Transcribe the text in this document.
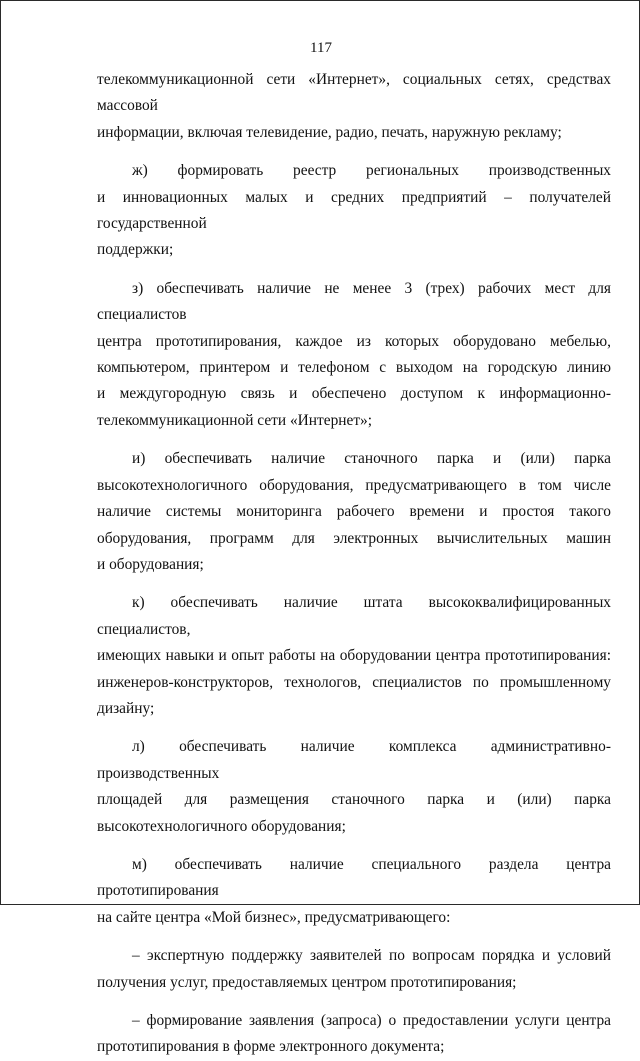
117

телекоммуникационной сети «Интернет», социальных сетях, средствах массовой
информации, включая телевидение, радио, печать, наружную рекламу;

ж) формировать реестр региональных производственных
и инновационных малых и средних предприятий – получателей государственной
поддержки;

з) обеспечивать наличие не менее 3 (трех) рабочих мест для специалистов
центра прототипирования, каждое из которых оборудовано мебелью,
компьютером, принтером и телефоном с выходом на городскую линию
и междугородную связь и обеспечено доступом к информационно-
телекоммуникационной сети «Интернет»;

и) обеспечивать наличие станочного парка и (или) парка
высокотехнологичного оборудования, предусматривающего в том числе
наличие системы мониторинга рабочего времени и простоя такого
оборудования, программ для электронных вычислительных машин
и оборудования;

к) обеспечивать наличие штата высококвалифицированных специалистов,
имеющих навыки и опыт работы на оборудовании центра прототипирования:
инженеров-конструкторов, технологов, специалистов по промышленному
дизайну;

л) обеспечивать наличие комплекса административно-производственных
площадей для размещения станочного парка и (или) парка
высокотехнологичного оборудования;

м) обеспечивать наличие специального раздела центра прототипирования
на сайте центра «Мой бизнес», предусматривающего:

– экспертную поддержку заявителей по вопросам порядка и условий
получения услуг, предоставляемых центром прототипирования;

– формирование заявления (запроса) о предоставлении услуги центра
прототипирования в форме электронного документа;
